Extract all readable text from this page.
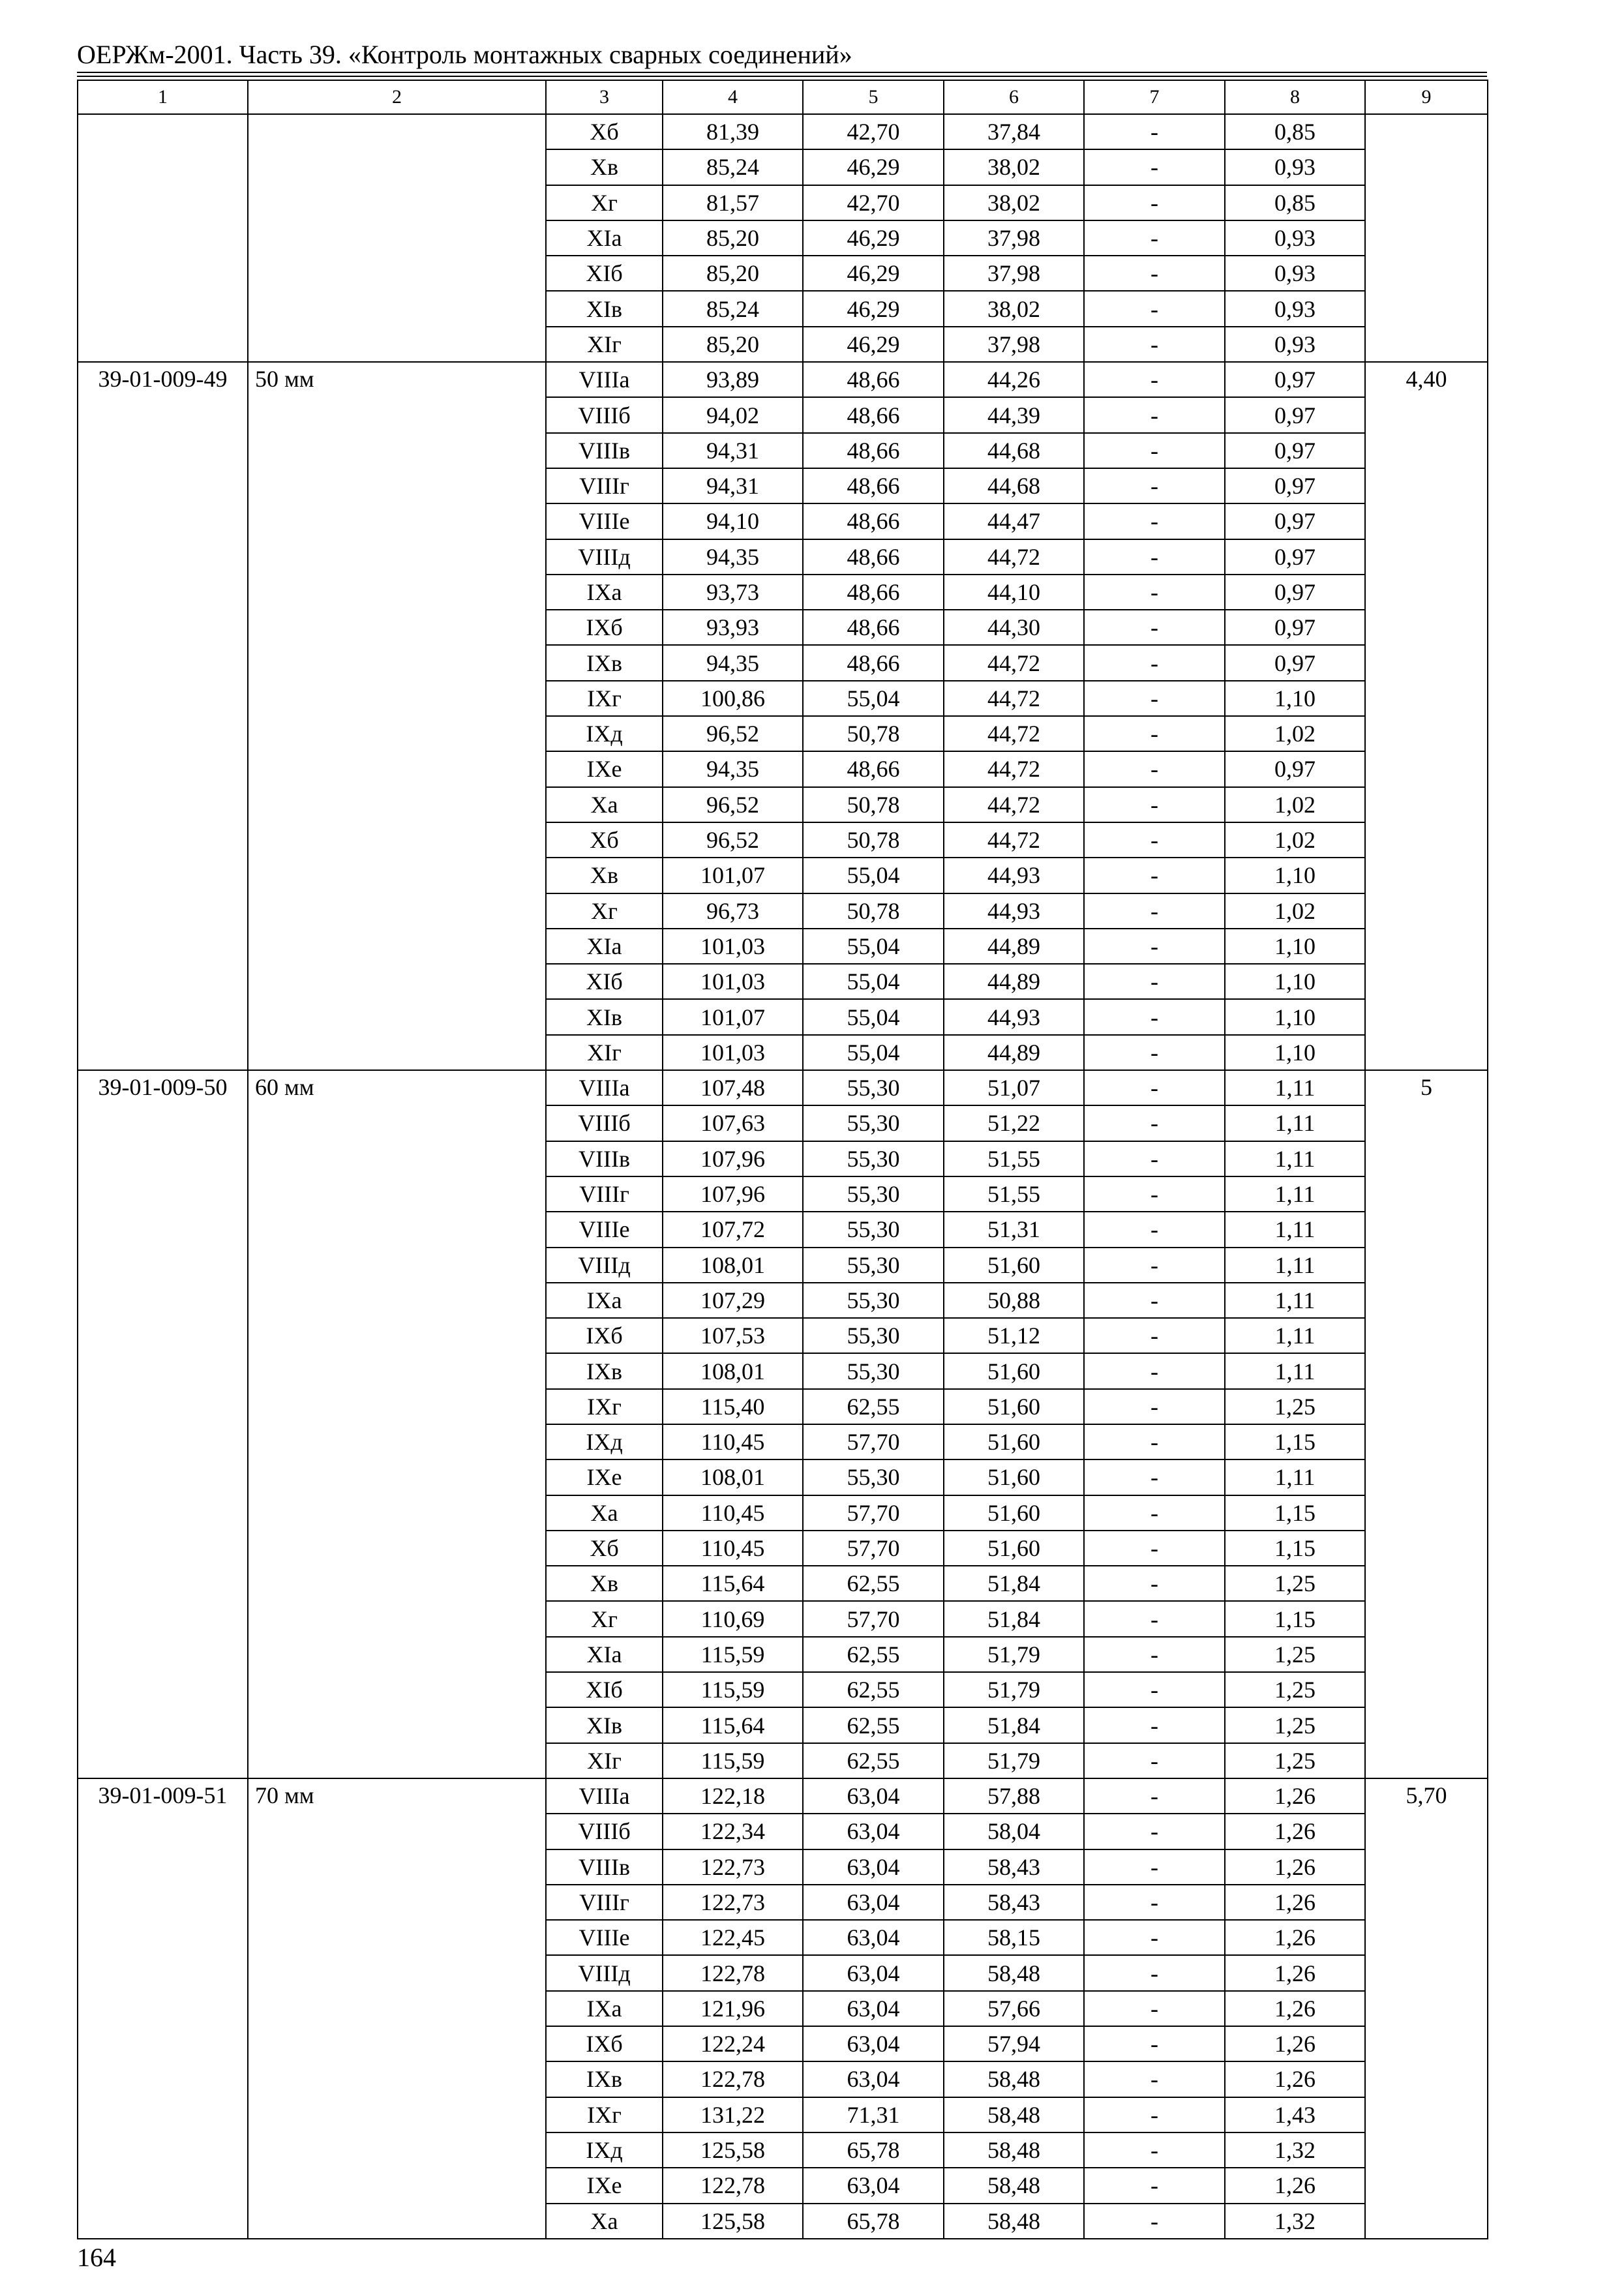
ОЕРЖм-2001. Часть 39. «Контроль монтажных сварных соединений»
1	2	3	4	5	6	7	8	9
		Хб	81,39	42,70	37,84	-	0,85	
		Хв	85,24	46,29	38,02	-	0,93	
		Хг	81,57	42,70	38,02	-	0,85	
		ХIа	85,20	46,29	37,98	-	0,93	
		ХIб	85,20	46,29	37,98	-	0,93	
		ХIв	85,24	46,29	38,02	-	0,93	
		ХIг	85,20	46,29	37,98	-	0,93	
39-01-009-49	50 мм	VIIIа	93,89	48,66	44,26	-	0,97	4,40
		VIIIб	94,02	48,66	44,39	-	0,97	
		VIIIв	94,31	48,66	44,68	-	0,97	
		VIIIг	94,31	48,66	44,68	-	0,97	
		VIIIе	94,10	48,66	44,47	-	0,97	
		VIIIд	94,35	48,66	44,72	-	0,97	
		IХа	93,73	48,66	44,10	-	0,97	
		IХб	93,93	48,66	44,30	-	0,97	
		IХв	94,35	48,66	44,72	-	0,97	
		IХг	100,86	55,04	44,72	-	1,10	
		IХд	96,52	50,78	44,72	-	1,02	
		IХе	94,35	48,66	44,72	-	0,97	
		Ха	96,52	50,78	44,72	-	1,02	
		Хб	96,52	50,78	44,72	-	1,02	
		Хв	101,07	55,04	44,93	-	1,10	
		Хг	96,73	50,78	44,93	-	1,02	
		ХIа	101,03	55,04	44,89	-	1,10	
		ХIб	101,03	55,04	44,89	-	1,10	
		ХIв	101,07	55,04	44,93	-	1,10	
		ХIг	101,03	55,04	44,89	-	1,10	
39-01-009-50	60 мм	VIIIа	107,48	55,30	51,07	-	1,11	5
		VIIIб	107,63	55,30	51,22	-	1,11	
		VIIIв	107,96	55,30	51,55	-	1,11	
		VIIIг	107,96	55,30	51,55	-	1,11	
		VIIIе	107,72	55,30	51,31	-	1,11	
		VIIIд	108,01	55,30	51,60	-	1,11	
		IХа	107,29	55,30	50,88	-	1,11	
		IХб	107,53	55,30	51,12	-	1,11	
		IХв	108,01	55,30	51,60	-	1,11	
		IХг	115,40	62,55	51,60	-	1,25	
		IХд	110,45	57,70	51,60	-	1,15	
		IХе	108,01	55,30	51,60	-	1,11	
		Ха	110,45	57,70	51,60	-	1,15	
		Хб	110,45	57,70	51,60	-	1,15	
		Хв	115,64	62,55	51,84	-	1,25	
		Хг	110,69	57,70	51,84	-	1,15	
		ХIа	115,59	62,55	51,79	-	1,25	
		ХIб	115,59	62,55	51,79	-	1,25	
		ХIв	115,64	62,55	51,84	-	1,25	
		ХIг	115,59	62,55	51,79	-	1,25	
39-01-009-51	70 мм	VIIIа	122,18	63,04	57,88	-	1,26	5,70
		VIIIб	122,34	63,04	58,04	-	1,26	
		VIIIв	122,73	63,04	58,43	-	1,26	
		VIIIг	122,73	63,04	58,43	-	1,26	
		VIIIе	122,45	63,04	58,15	-	1,26	
		VIIIд	122,78	63,04	58,48	-	1,26	
		IХа	121,96	63,04	57,66	-	1,26	
		IХб	122,24	63,04	57,94	-	1,26	
		IХв	122,78	63,04	58,48	-	1,26	
		IХг	131,22	71,31	58,48	-	1,43	
		IХд	125,58	65,78	58,48	-	1,32	
		IХе	122,78	63,04	58,48	-	1,26	
		Ха	125,58	65,78	58,48	-	1,32	
164
